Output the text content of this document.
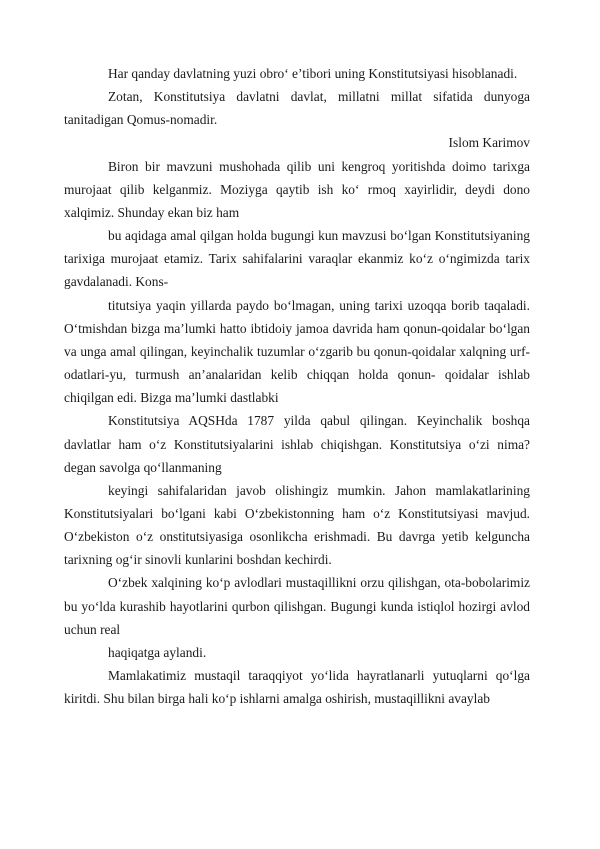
Har qanday davlatning yuzi obro‘ e’tibori uning Konstitutsiyasi hisoblanadi.

Zotan, Konstitutsiya davlatni davlat, millatni millat sifatida dunyoga tanitadigan Qomus-nomadir.

Islom Karimov

Biron bir mavzuni mushohada qilib uni kengroq yoritishda doimo tarixga murojaat qilib kelganmiz. Moziyga qaytib ish ko‘ rmoq xayirlidir, deydi dono xalqimiz. Shunday ekan biz ham

bu aqidaga amal qilgan holda bugungi kun mavzusi bo‘lgan Konstitutsiyaning tarixiga murojaat etamiz. Tarix sahifalarini varaqlar ekanmiz ko‘z o‘ngimizda tarix gavdalanadi. Kons-

titutsiya yaqin yillarda paydo bo‘lmagan, uning tarixi uzoqqa borib taqaladi. O‘tmishdan bizga ma’lumki hatto ibtidoiy jamoa davrida ham qonun-qoidalar bo‘lgan va unga amal qilingan, keyinchalik tuzumlar o‘zgarib bu qonun-qoidalar xalqning urf- odatlari-yu, turmush an’analaridan kelib chiqqan holda qonun- qoidalar ishlab chiqilgan edi. Bizga ma’lumki dastlabki

Konstitutsiya AQSHda 1787 yilda qabul qilingan. Keyinchalik boshqa davlatlar ham o‘z Konstitutsiyalarini ishlab chiqishgan. Konstitutsiya o‘zi nima? degan savolga qo‘llanmaning

keyingi sahifalaridan javob olishingiz mumkin. Jahon mamlakatlarining Konstitutsiyalari bo‘lgani kabi O‘zbekistonning ham o‘z Konstitutsiyasi mavjud. O‘zbekiston o‘z onstitutsiyasiga osonlikcha erishmadi. Bu davrga yetib kelguncha tarixning og‘ir sinovli kunlarini boshdan kechirdi.

O‘zbek xalqining ko‘p avlodlari mustaqillikni orzu qilishgan, ota-bobolarimiz bu yo‘lda kurashib hayotlarini qurbon qilishgan. Bugungi kunda istiqlol hozirgi avlod uchun real

haqiqatga aylandi.

Mamlakatimiz mustaqil taraqqiyot yo‘lida hayratlanarli yutuqlarni qo‘lga kiritdi. Shu bilan birga hali ko‘p ishlarni amalga oshirish, mustaqillikni avaylab
